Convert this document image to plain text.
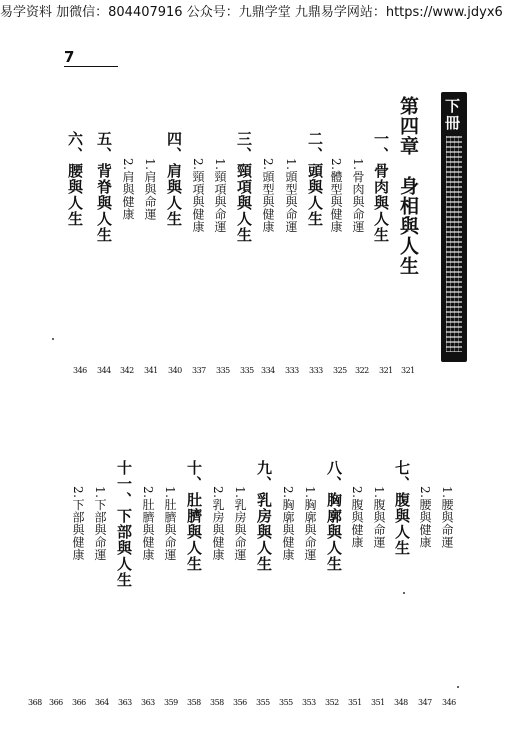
易学资料 加微信：804407916 公众号：九鼎学堂 九鼎易学网站：https://www.jdyx6
7
下冊
第四章　身相與人生
一、骨肉與人生
1.骨肉與命運
2.體型與健康
二、頭與人生
1.頭型與命運
2.頭型與健康
三、頸項與人生
1.頸項與命運
2.頸項與健康
四、肩與人生
1.肩與命運
2.肩與健康
五、背脊與人生
六、腰與人生
321
321
322
325
333
333
334
335
335
337
340
341
342
344
346
1.腰與命運
2.腰與健康
七、腹與人生
1.腹與命運
2.腹與健康
八、胸廓與人生
1.胸廓與命運
2.胸廓與健康
九、乳房與人生
1.乳房與命運
2.乳房與健康
十、肚臍與人生
1.肚臍與命運
2.肚臍與健康
十一、下部與人生
1.下部與命運
2.下部與健康
346
347
348
351
351
352
353
355
355
356
358
358
359
363
363
364
366
366
368
